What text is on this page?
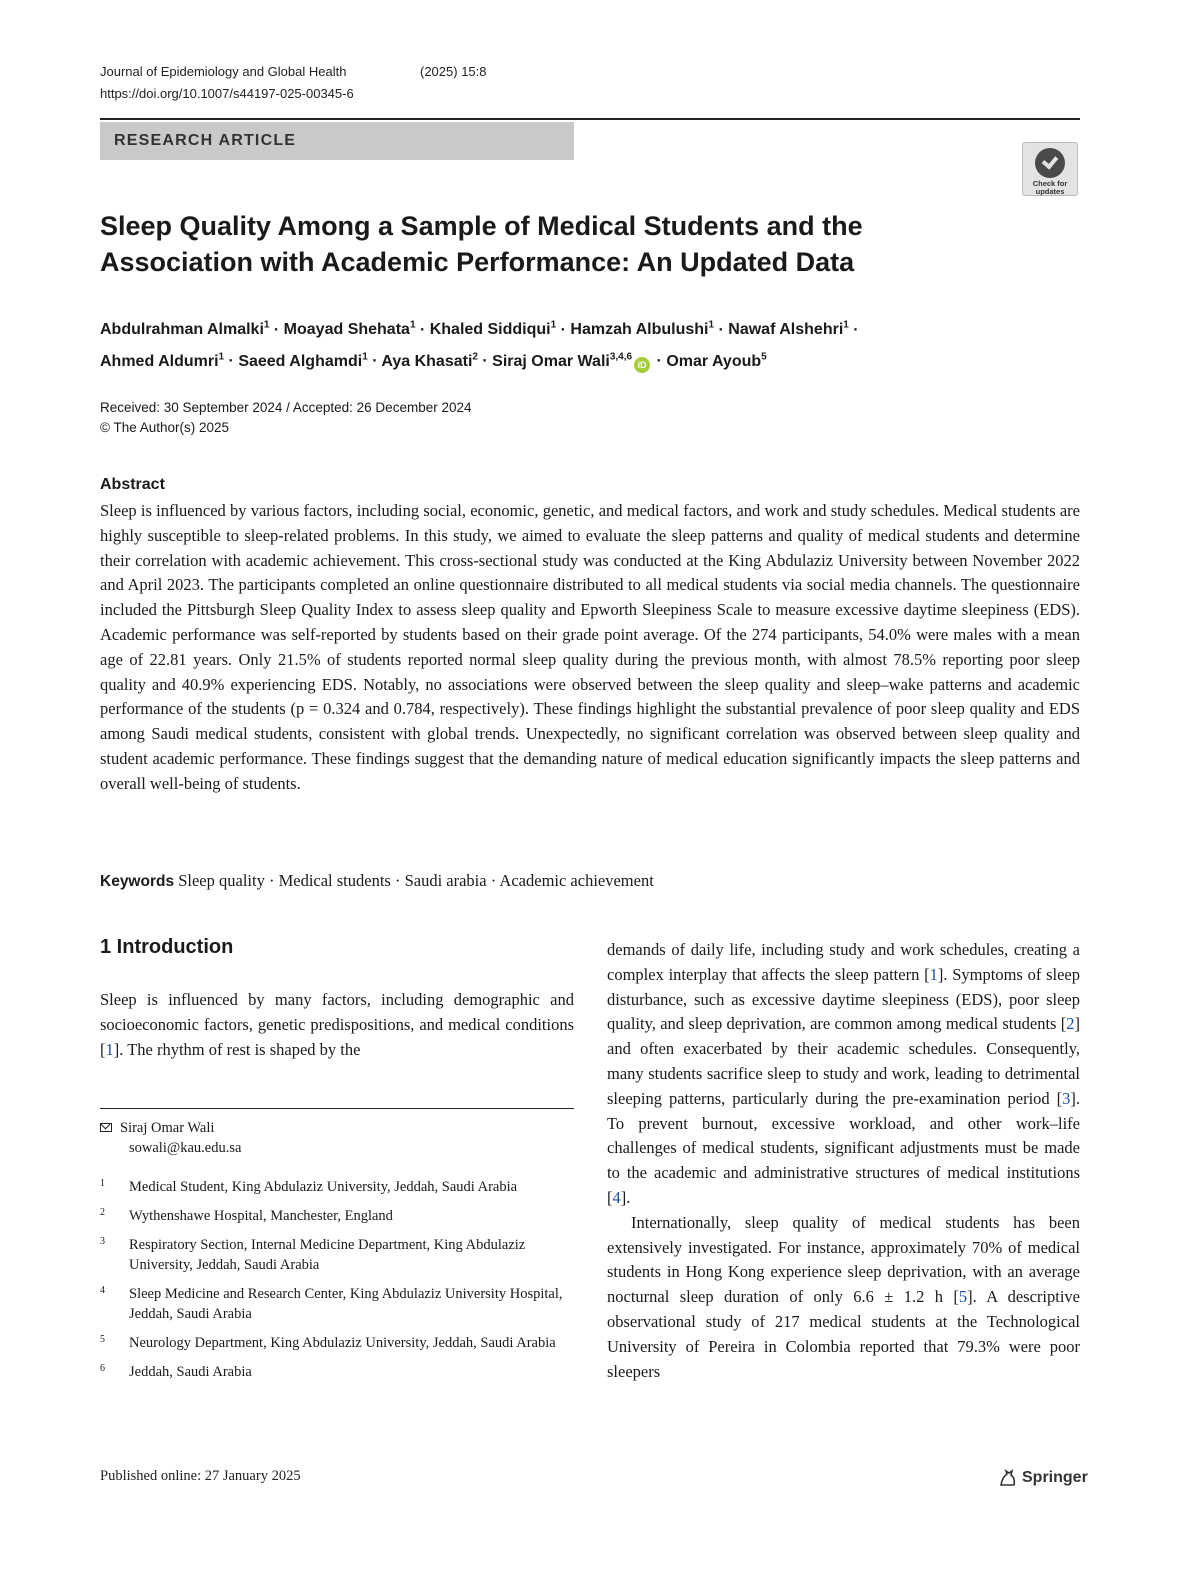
Journal of Epidemiology and Global Health	(2025) 15:8
https://doi.org/10.1007/s44197-025-00345-6
RESEARCH ARTICLE
Check for
updates
Sleep Quality Among a Sample of Medical Students and the Association with Academic Performance: An Updated Data
Abdulrahman Almalki$^1$ · Moayad Shehata$^1$ · Khaled Siddiqui$^1$ · Hamzah Albulushi$^1$ · Nawaf Alshehri$^1$ ·
Ahmed Aldumri$^1$ · Saeed Alghamdi$^1$ · Aya Khasati$^2$ · Siraj Omar Wali$^{3,4,6}$iD · Omar Ayoub$^5$
Received: 30 September 2024 / Accepted: 26 December 2024
© The Author(s) 2025
Abstract
Sleep is influenced by various factors, including social, economic, genetic, and medical factors, and work and study schedules. Medical students are highly susceptible to sleep-related problems. In this study, we aimed to evaluate the sleep patterns and quality of medical students and determine their correlation with academic achievement. This cross-sectional study was conducted at the King Abdulaziz University between November 2022 and April 2023. The participants completed an online questionnaire distributed to all medical students via social media channels. The questionnaire included the Pittsburgh Sleep Quality Index to assess sleep quality and Epworth Sleepiness Scale to measure excessive daytime sleepiness (EDS). Academic performance was self-reported by students based on their grade point average. Of the 274 participants, 54.0% were males with a mean age of 22.81 years. Only 21.5% of students reported normal sleep quality during the previous month, with almost 78.5% reporting poor sleep quality and 40.9% experiencing EDS. Notably, no associations were observed between the sleep quality and sleep–wake patterns and academic performance of the students (p = 0.324 and 0.784, respectively). These findings highlight the substantial prevalence of poor sleep quality and EDS among Saudi medical students, consistent with global trends. Unexpectedly, no significant correlation was observed between sleep quality and student academic performance. These findings suggest that the demanding nature of medical education significantly impacts the sleep patterns and overall well-being of students.
Keywords Sleep quality · Medical students · Saudi arabia · Academic achievement
1 Introduction

Sleep is influenced by many factors, including demographic and socioeconomic factors, genetic predispositions, and medical conditions [1]. The rhythm of rest is shaped by the

demands of daily life, including study and work schedules, creating a complex interplay that affects the sleep pattern [1]. Symptoms of sleep disturbance, such as excessive daytime sleepiness (EDS), poor sleep quality, and sleep deprivation, are common among medical students [2] and often exacerbated by their academic schedules. Consequently, many students sacrifice sleep to study and work, leading to detrimental sleeping patterns, particularly during the pre-examination period [3]. To prevent burnout, excessive workload, and other work–life challenges of medical students, significant adjustments must be made to the academic and administrative structures of medical institutions [4].

Internationally, sleep quality of medical students has been extensively investigated. For instance, approximately 70% of medical students in Hong Kong experience sleep deprivation, with an average nocturnal sleep duration of only 6.6 ± 1.2 h [5]. A descriptive observational study of 217 medical students at the Technological University of Pereira in Colombia reported that 79.3% were poor sleepers

Siraj Omar Wali
sowali@kau.edu.sa
1	Medical Student, King Abdulaziz University, Jeddah, Saudi Arabia
2	Wythenshawe Hospital, Manchester, England
3	Respiratory Section, Internal Medicine Department, King Abdulaziz University, Jeddah, Saudi Arabia
4	Sleep Medicine and Research Center, King Abdulaziz University Hospital, Jeddah, Saudi Arabia
5	Neurology Department, King Abdulaziz University, Jeddah, Saudi Arabia
6	Jeddah, Saudi Arabia
Published online: 27 January 2025	Springer
